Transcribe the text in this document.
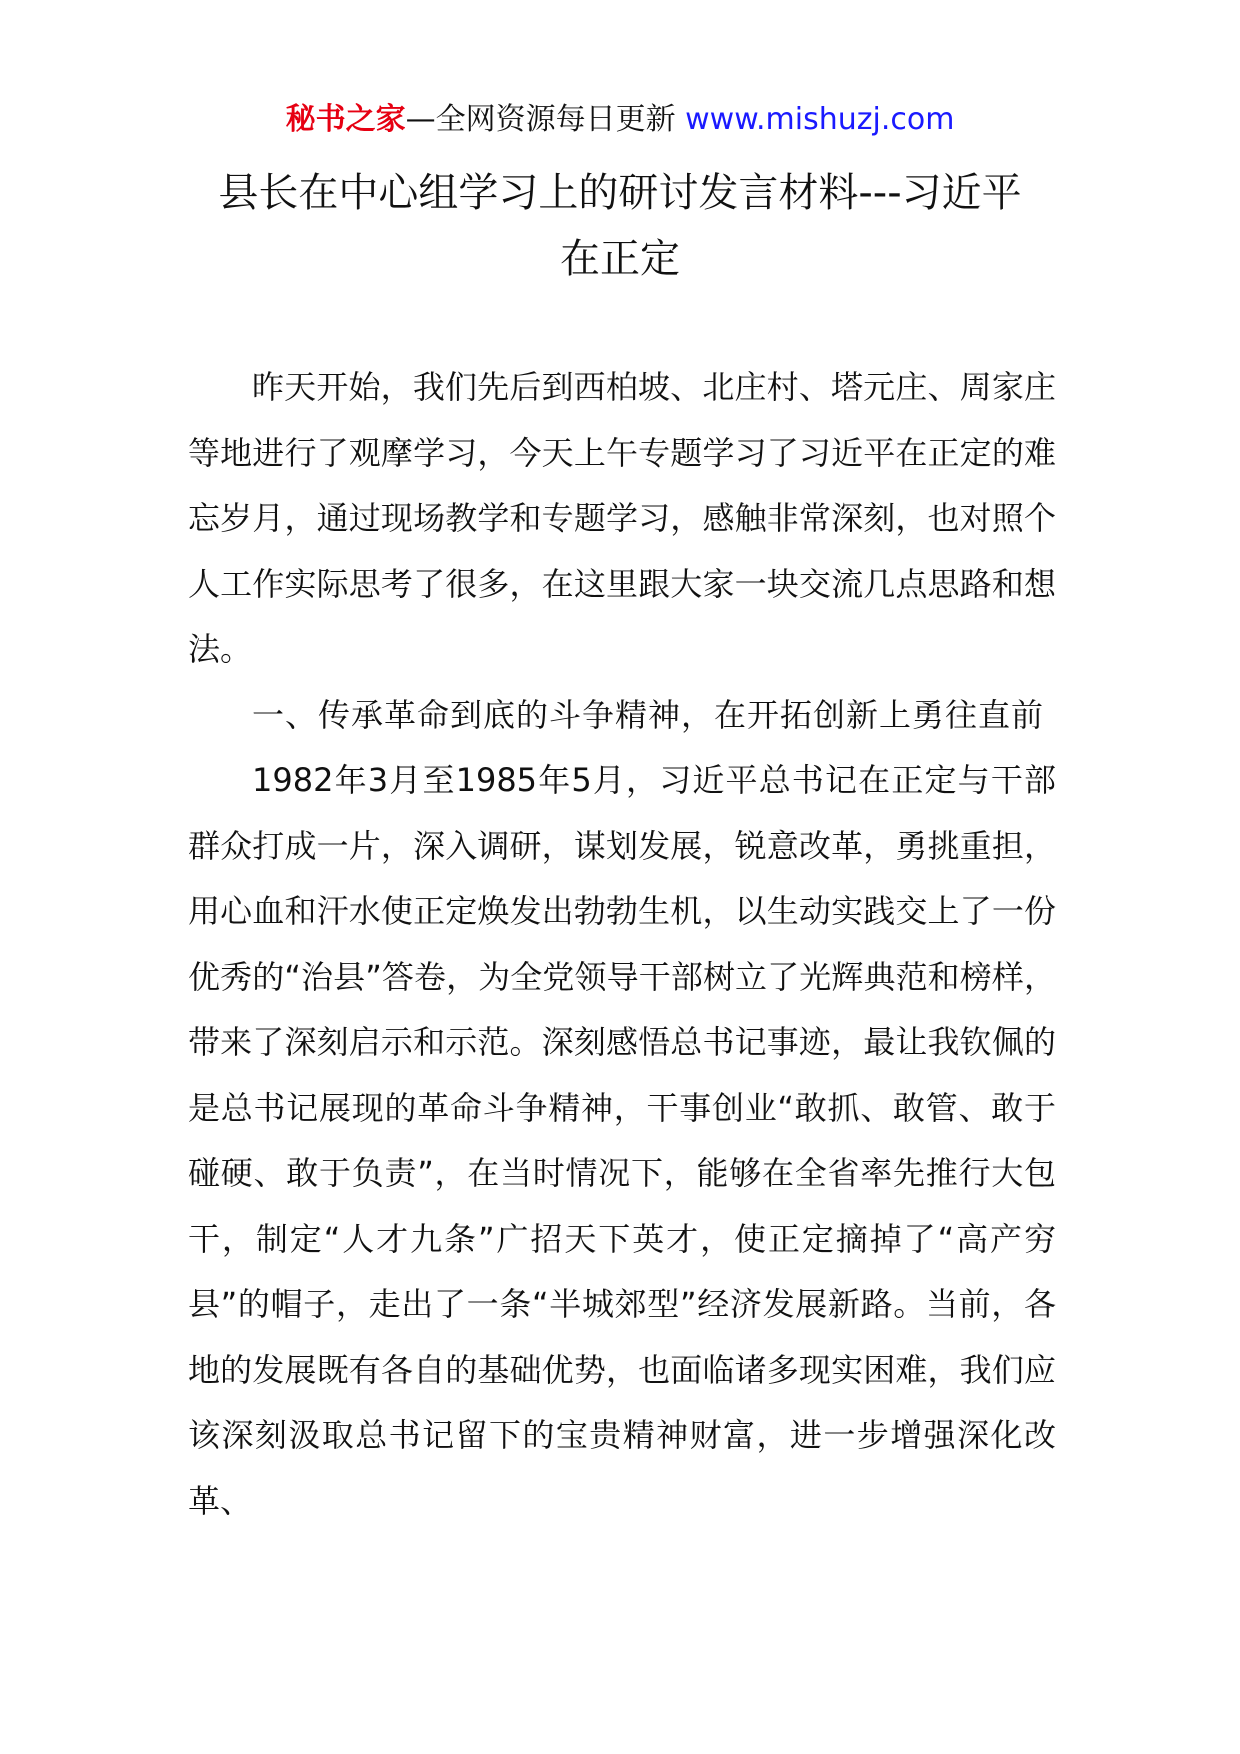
秘书之家—全网资源每日更新 www.mishuzj.com
县长在中心组学习上的研讨发言材料---习近平
在正定

昨天开始，我们先后到西柏坡、北庄村、塔元庄、周家庄等地进行了观摩学习，今天上午专题学习了习近平在正定的难忘岁月，通过现场教学和专题学习，感触非常深刻，也对照个人工作实际思考了很多，在这里跟大家一块交流几点思路和想法。

一、传承革命到底的斗争精神，在开拓创新上勇往直前

1982年3月至1985年5月，习近平总书记在正定与干部群众打成一片，深入调研，谋划发展，锐意改革，勇挑重担，用心血和汗水使正定焕发出勃勃生机，以生动实践交上了一份优秀的“治县”答卷，为全党领导干部树立了光辉典范和榜样，带来了深刻启示和示范。深刻感悟总书记事迹，最让我钦佩的是总书记展现的革命斗争精神，干事创业“敢抓、敢管、敢于碰硬、敢于负责”，在当时情况下，能够在全省率先推行大包干，制定“人才九条”广招天下英才，使正定摘掉了“高产穷县”的帽子，走出了一条“半城郊型”经济发展新路。当前，各地的发展既有各自的基础优势，也面临诸多现实困难，我们应该深刻汲取总书记留下的宝贵精神财富，进一步增强深化改革、
